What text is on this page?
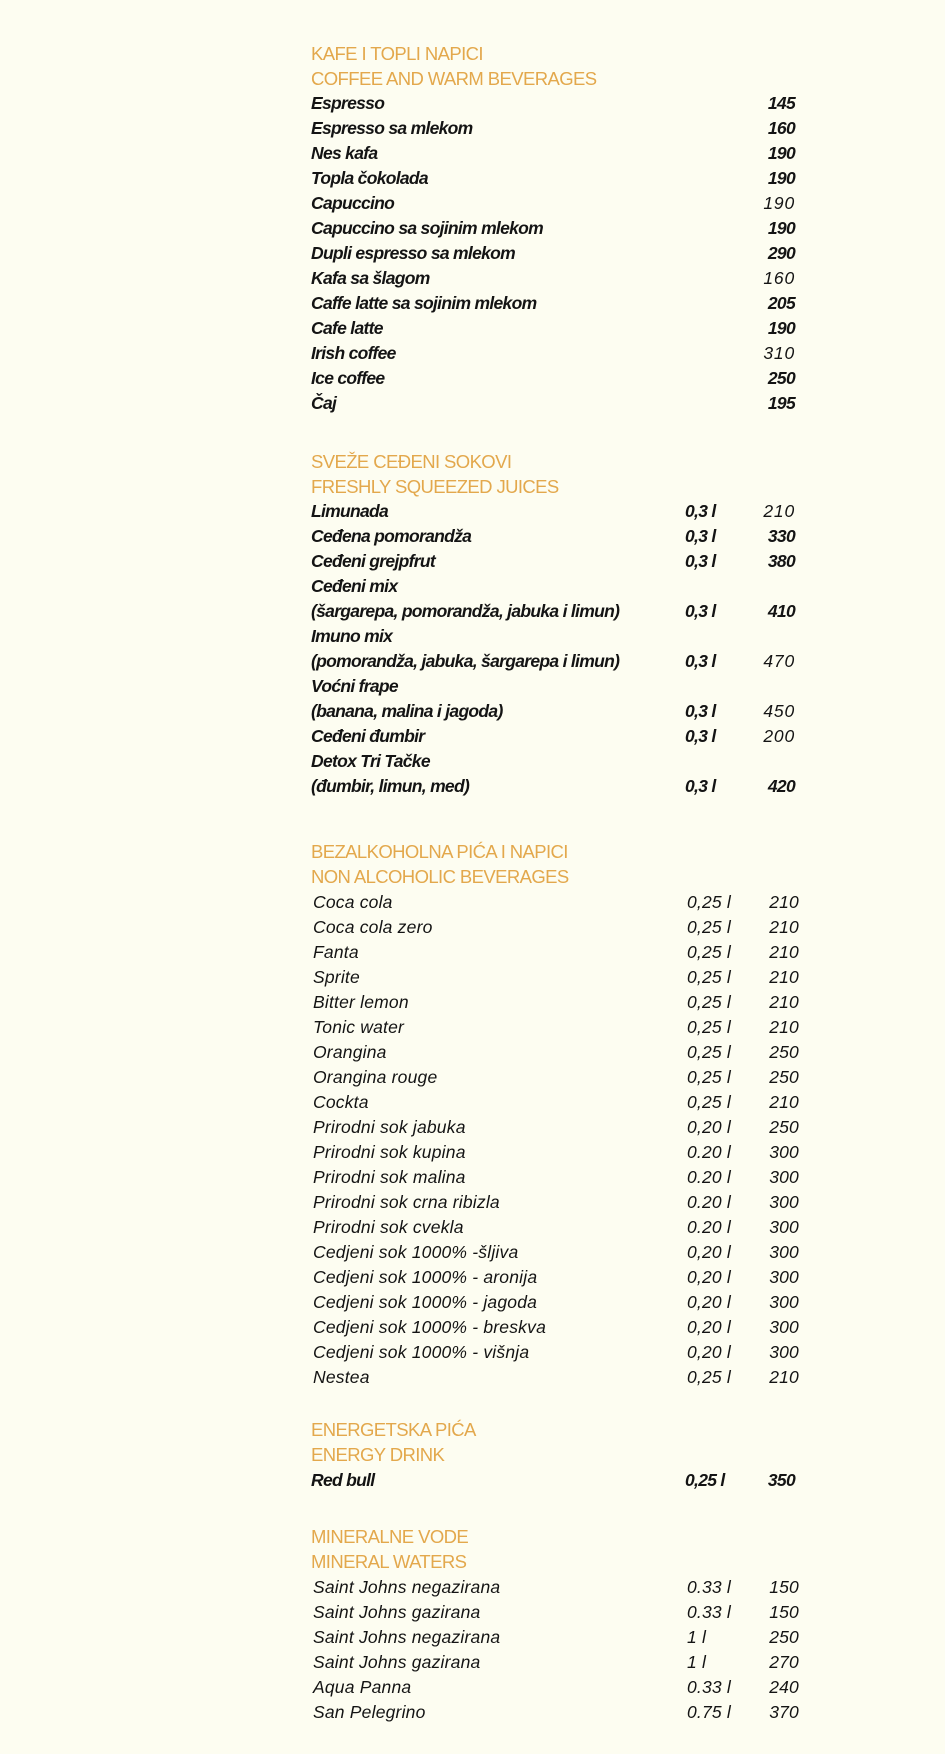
KAFE I TOPLI NAPICI
COFFEE AND WARM BEVERAGES
Espresso	145
Espresso sa mlekom	160
Nes kafa	190
Topla čokolada	190
Capuccino	190
Capuccino sa sojinim mlekom	190
Dupli espresso sa mlekom	290
Kafa sa šlagom	160
Caffe latte sa sojinim mlekom	205
Cafe latte	190
Irish coffee	310
Ice coffee	250
Čaj	195
SVEŽE CEĐENI SOKOVI
FRESHLY SQUEEZED JUICES
Limunada	0,3 l	210
Ceđena pomorandža	0,3 l	330
Ceđeni grejpfrut	0,3 l	380
Ceđeni mix
(šargarepa, pomorandža, jabuka i limun)	0,3 l	410
Imuno mix
(pomorandža, jabuka, šargarepa i limun)	0,3 l	470
Voćni frape
(banana, malina i jagoda)	0,3 l	450
Ceđeni đumbir	0,3 l	200
Detox Tri Tačke
(đumbir, limun, med)	0,3 l	420
BEZALKOHOLNA PIĆA I NAPICI
NON ALCOHOLIC BEVERAGES
Coca cola	0,25 l 210
Coca cola zero	0,25 l 210
Fanta	0,25 l 210
Sprite	0,25 l 210
Bitter lemon	0,25 l 210
Tonic water	0,25 l 210
Orangina	0,25 l 250
Orangina rouge	0,25 l 250
Cockta	0,25 l 210
Prirodni sok jabuka	0,20 l 250
Prirodni sok kupina	0.20 l 300
Prirodni sok malina	0.20 l 300
Prirodni sok crna ribizla	0.20 l 300
Prirodni sok cvekla	0.20 l 300
Cedjeni sok 1000% -šljiva	0,20 l 300
Cedjeni sok 1000% - aronija	0,20 l 300
Cedjeni sok 1000% - jagoda	0,20 l 300
Cedjeni sok 1000% - breskva	0,20 l 300
Cedjeni sok 1000% - višnja	0,20 l 300
Nestea	0,25 l 210
ENERGETSKA PIĆA
ENERGY DRINK
Red bull	0,25 l 350
MINERALNE VODE
MINERAL WATERS
Saint Johns negazirana	0.33 l 150
Saint Johns gazirana	0.33 l 150
Saint Johns negazirana	1 l	250
Saint Johns gazirana	1 l	270
Aqua Panna	0.33 l 240
San Pelegrino	0.75 l 370
